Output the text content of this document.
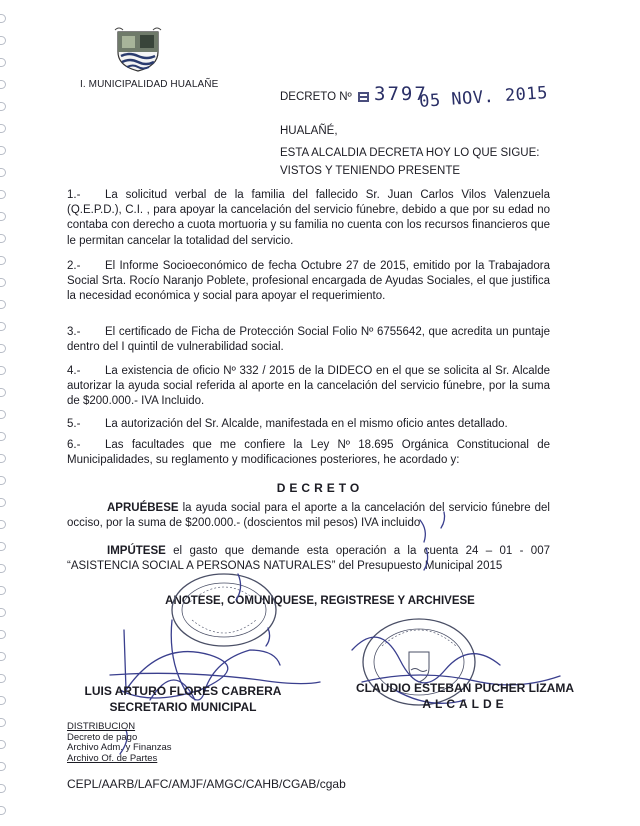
I. MUNICIPALIDAD HUALAÑE
DECRETO Nº 3797
05 NOV. 2015
HUALAÑÉ,
ESTA ALCALDIA DECRETA HOY LO QUE SIGUE:
VISTOS Y TENIENDO PRESENTE
1.- La solicitud verbal de la familia del fallecido Sr. Juan Carlos Vilos Valenzuela (Q.E.P.D.), C.I. , para apoyar la cancelación del servicio fúnebre, debido a que por su edad no contaba con derecho a cuota mortuoria y su familia no cuenta con los recursos financieros que le permitan cancelar la totalidad del servicio.
2.- El Informe Socioeconómico de fecha Octubre 27 de 2015, emitido por la Trabajadora Social Srta. Rocío Naranjo Poblete, profesional encargada de Ayudas Sociales, el que justifica la necesidad económica y social para apoyar el requerimiento.
3.- El certificado de Ficha de Protección Social Folio Nº 6755642, que acredita un puntaje dentro del I quintil de vulnerabilidad social.
4.- La existencia de oficio Nº 332 / 2015 de la DIDECO en el que se solicita al Sr. Alcalde autorizar la ayuda social referida al aporte en la cancelación del servicio fúnebre, por la suma de $200.000.- IVA Incluido.
5.- La autorización del Sr. Alcalde, manifestada en el mismo oficio antes detallado.
6.- Las facultades que me confiere la Ley Nº 18.695 Orgánica Constitucional de Municipalidades, su reglamento y modificaciones posteriores, he acordado y:
DECRETO
APRUÉBESE la ayuda social para el aporte a la cancelación del servicio fúnebre del occiso, por la suma de $200.000.- (doscientos mil pesos) IVA incluido
IMPÚTESE el gasto que demande esta operación a la cuenta 24 – 01 - 007 “ASISTENCIA SOCIAL A PERSONAS NATURALES” del Presupuesto Municipal 2015
ANOTESE, COMUNIQUESE, REGISTRESE Y ARCHIVESE
LUIS ARTURO FLORES CABRERA
SECRETARIO MUNICIPAL
CLAUDIO ESTEBAN PUCHER LIZAMA
ALCALDE
DISTRIBUCION
Decreto de pago
Archivo Adm. y Finanzas
Archivo Of. de Partes
CEPL/AARB/LAFC/AMJF/AMGC/CAHB/CGAB/cgab
